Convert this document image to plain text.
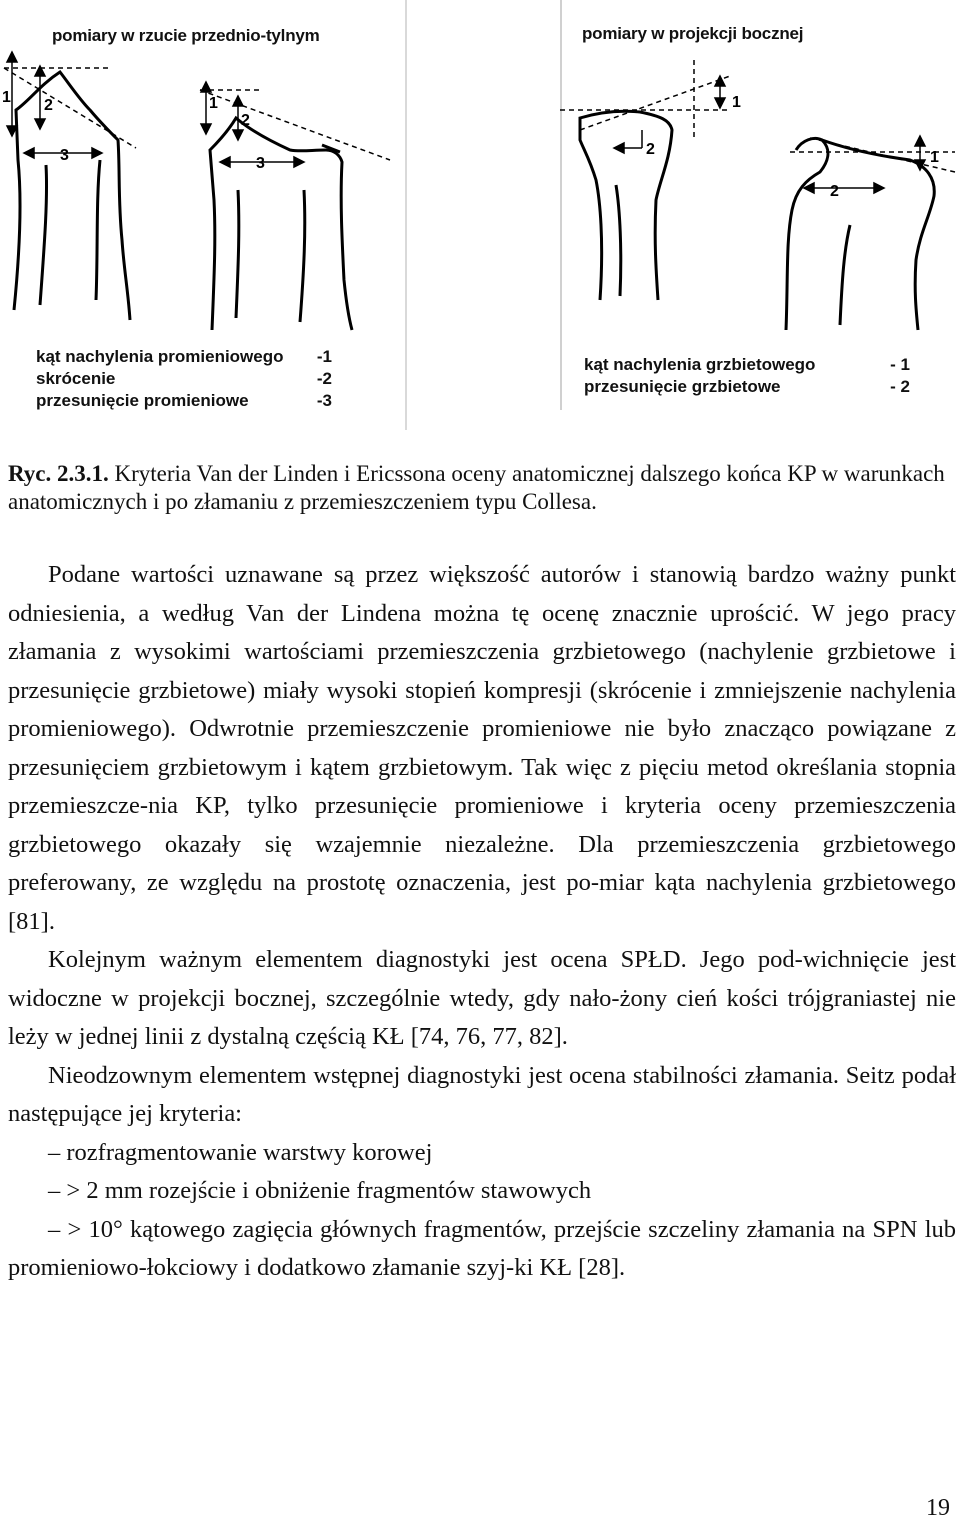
pomiary w rzucie przednio-tylnym
1 2
3
1
2
3
kąt nachylenia promieniowego -1
skrócenie	-2
przesunięcie promieniowe	-3
pomiary w projekcji bocznej
1
2	1
2
kąt nachylenia grzbietowego	- 1
przesunięcie grzbietowe	- 2
Ryc. 2.3.1. Kryteria Van der Linden i Ericssona oceny anatomicznej dalszego końca KP w warunkach anatomicznych i po złamaniu z przemieszczeniem typu Collesa.

Podane wartości uznawane są przez większość autorów i stanowią bardzo ważny punkt odniesienia, a według Van der Lindena można tę ocenę znacznie uprościć. W jego pracy złamania z wysokimi wartościami przemieszczenia grzbietowego (nachylenie grzbietowe i przesunięcie grzbietowe) miały wysoki stopień kompresji (skrócenie i zmniejszenie nachylenia promieniowego). Odwrotnie przemieszczenie promieniowe nie było znacząco powiązane z przesunięciem grzbietowym i kątem grzbietowym. Tak więc z pięciu metod określania stopnia przemieszcze-nia KP, tylko przesunięcie promieniowe i kryteria oceny przemieszczenia grzbietowego okazały się wzajemnie niezależne. Dla przemieszczenia grzbietowego preferowany, ze względu na prostotę oznaczenia, jest po-miar kąta nachylenia grzbietowego [81].

Kolejnym ważnym elementem diagnostyki jest ocena SPŁD. Jego pod-wichnięcie jest widoczne w projekcji bocznej, szczególnie wtedy, gdy nało-żony cień kości trójgraniastej nie leży w jednej linii z dystalną częścią KŁ [74, 76, 77, 82].

Nieodzownym elementem wstępnej diagnostyki jest ocena stabilności złamania. Seitz podał następujące jej kryteria:

– rozfragmentowanie warstwy korowej

– > 2 mm rozejście i obniżenie fragmentów stawowych

– > 10° kątowego zagięcia głównych fragmentów, przejście szczeliny złamania na SPN lub promieniowo-łokciowy i dodatkowo złamanie szyj-ki KŁ [28].

19
